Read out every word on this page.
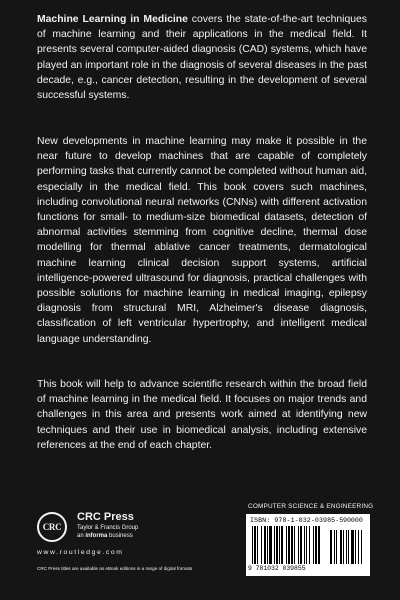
Machine Learning in Medicine covers the state-of-the-art techniques of machine learning and their applications in the medical field. It presents several computer-aided diagnosis (CAD) systems, which have played an important role in the diagnosis of several diseases in the past decade, e.g., cancer detection, resulting in the development of several successful systems.

New developments in machine learning may make it possible in the near future to develop machines that are capable of completely performing tasks that currently cannot be completed without human aid, especially in the medical field. This book covers such machines, including convolutional neural networks (CNNs) with different activation functions for small- to medium-size biomedical datasets, detection of abnormal activities stemming from cognitive decline, thermal dose modelling for thermal ablative cancer treatments, dermatological machine learning clinical decision support systems, artificial intelligence-powered ultrasound for diagnosis, practical challenges with possible solutions for machine learning in medical imaging, epilepsy diagnosis from structural MRI, Alzheimer's disease diagnosis, classification of left ventricular hypertrophy, and intelligent medical language understanding.

This book will help to advance scientific research within the broad field of machine learning in the medical field. It focuses on major trends and challenges in this area and presents work aimed at identifying new techniques and their use in biomedical analysis, including extensive references at the end of each chapter.

CRC
CRC Press
Taylor & Francis Group
an informa business
www.routledge.com
CRC Press titles are available as eBook editions in a range of digital formats
COMPUTER SCIENCE & ENGINEERING
ISBN: 978-1-032-03985-5
9 781032 039855
90000
